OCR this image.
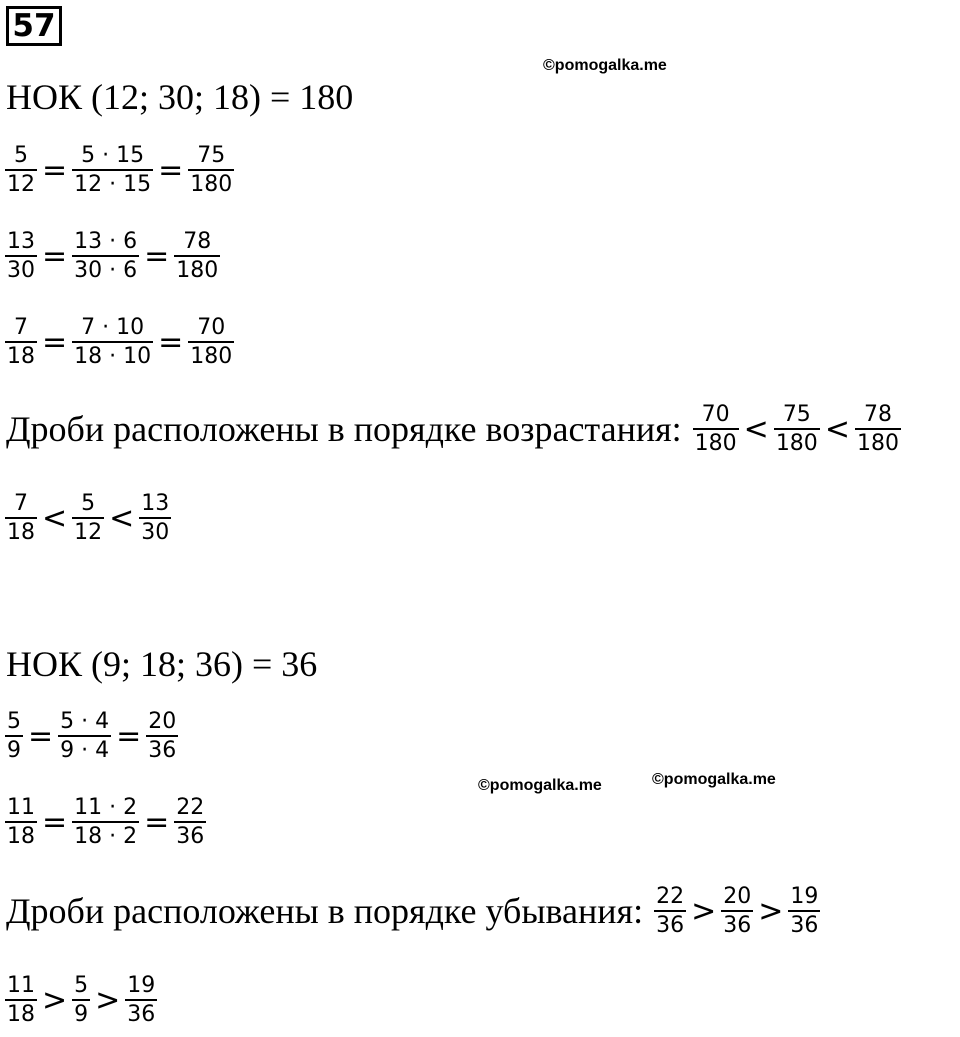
57
©pomogalka.me
НОК (12; 30; 18) = 180
$\frac{5}{12} = \frac{5 \cdot 15}{12 \cdot 15} = \frac{75}{180}$
$\frac{13}{30} = \frac{13 \cdot 6}{30 \cdot 6} = \frac{78}{180}$
$\frac{7}{18} = \frac{7 \cdot 10}{18 \cdot 10} = \frac{70}{180}$
Дроби расположены в порядке возрастания: $\frac{70}{180} < \frac{75}{180} < \frac{78}{180}$
$\frac{7}{18} < \frac{5}{12} < \frac{13}{30}$
НОК (9; 18; 36) = 36
$\frac{5}{9} = \frac{5 \cdot 4}{9 \cdot 4} = \frac{20}{36}$
©pomogalka.me	©pomogalka.me
$\frac{11}{18} = \frac{11 \cdot 2}{18 \cdot 2} = \frac{22}{36}$
Дроби расположены в порядке убывания: $\frac{22}{36} > \frac{20}{36} > \frac{19}{36}$
$\frac{11}{18} > \frac{5}{9} > \frac{19}{36}$
